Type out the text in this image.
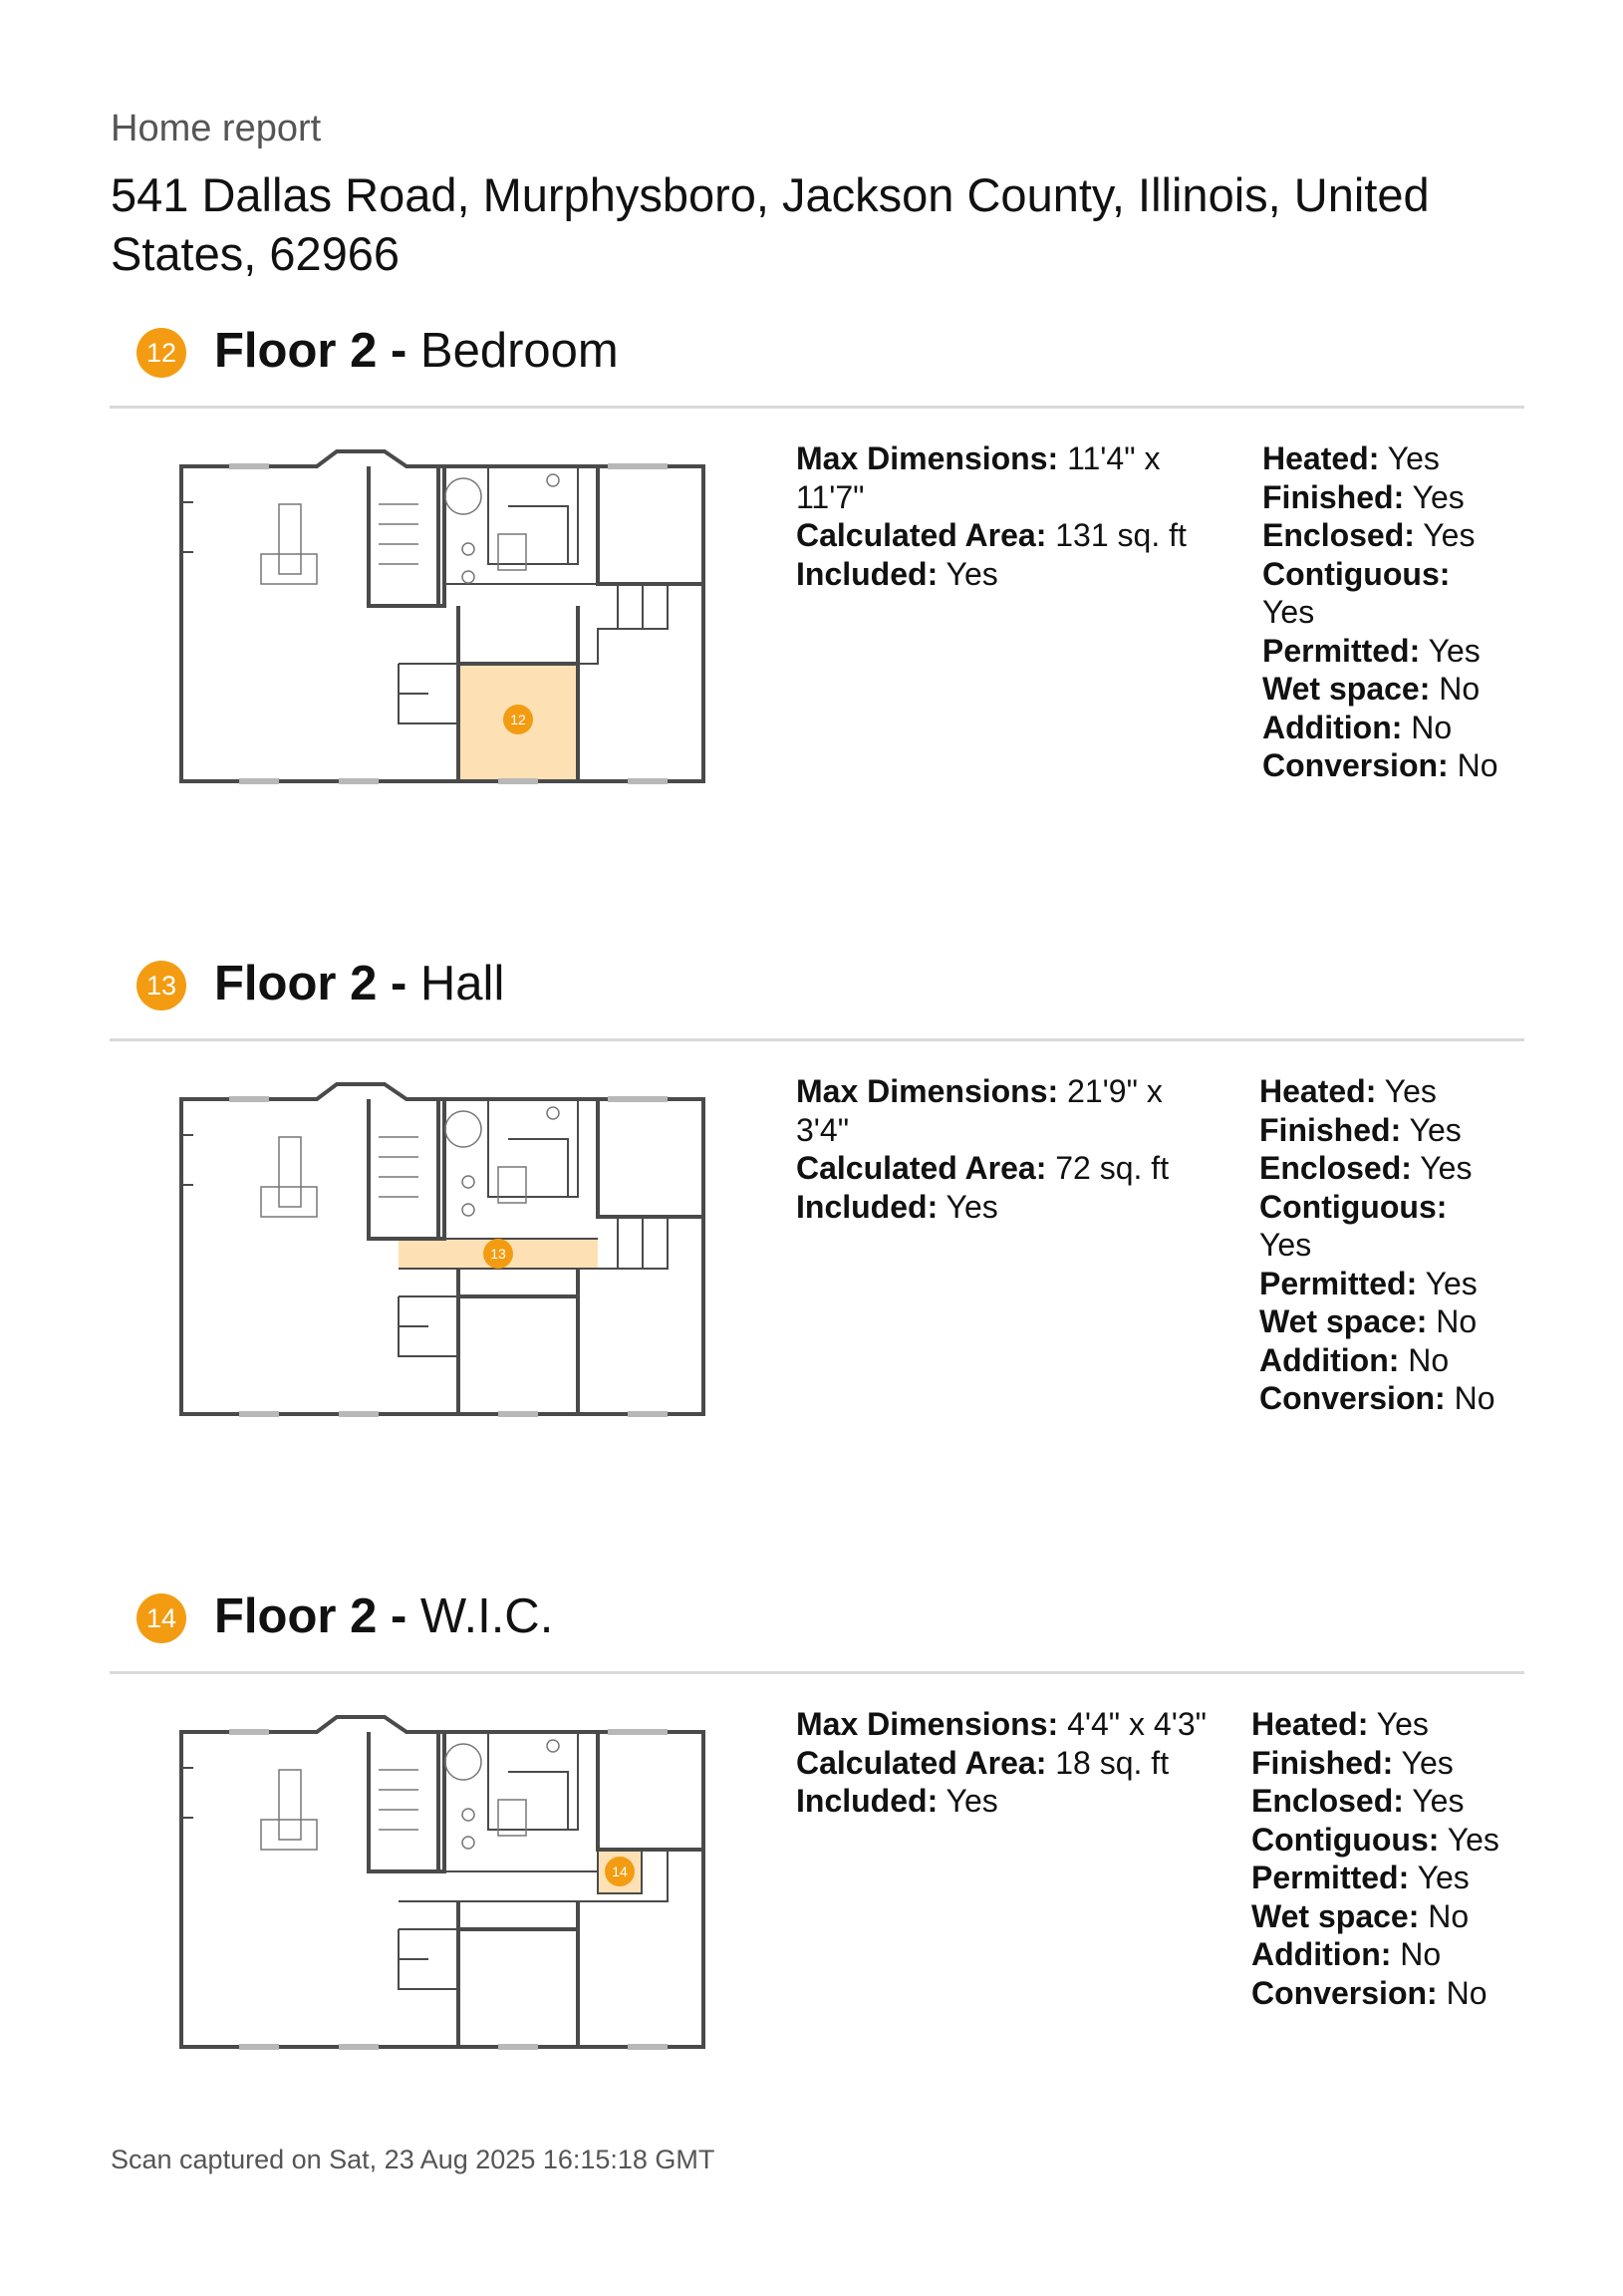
Home report
541 Dallas Road, Murphysboro, Jackson County, Illinois, United States, 62966
12 Floor 2 - Bedroom
12
Max Dimensions: 11'4" x 11'7"
Calculated Area: 131 sq. ft
Included: Yes
Heated: Yes
Finished: Yes
Enclosed: Yes
Contiguous: Yes
Permitted: Yes
Wet space: No
Addition: No
Conversion: No
13 Floor 2 - Hall
13
Max Dimensions: 21'9" x 3'4"
Calculated Area: 72 sq. ft
Included: Yes
Heated: Yes
Finished: Yes
Enclosed: Yes
Contiguous: Yes
Permitted: Yes
Wet space: No
Addition: No
Conversion: No
14 Floor 2 - W.I.C.
14
Max Dimensions: 4'4" x 4'3"
Calculated Area: 18 sq. ft
Included: Yes
Heated: Yes
Finished: Yes
Enclosed: Yes
Contiguous: Yes
Permitted: Yes
Wet space: No
Addition: No
Conversion: No
Scan captured on Sat, 23 Aug 2025 16:15:18 GMT
